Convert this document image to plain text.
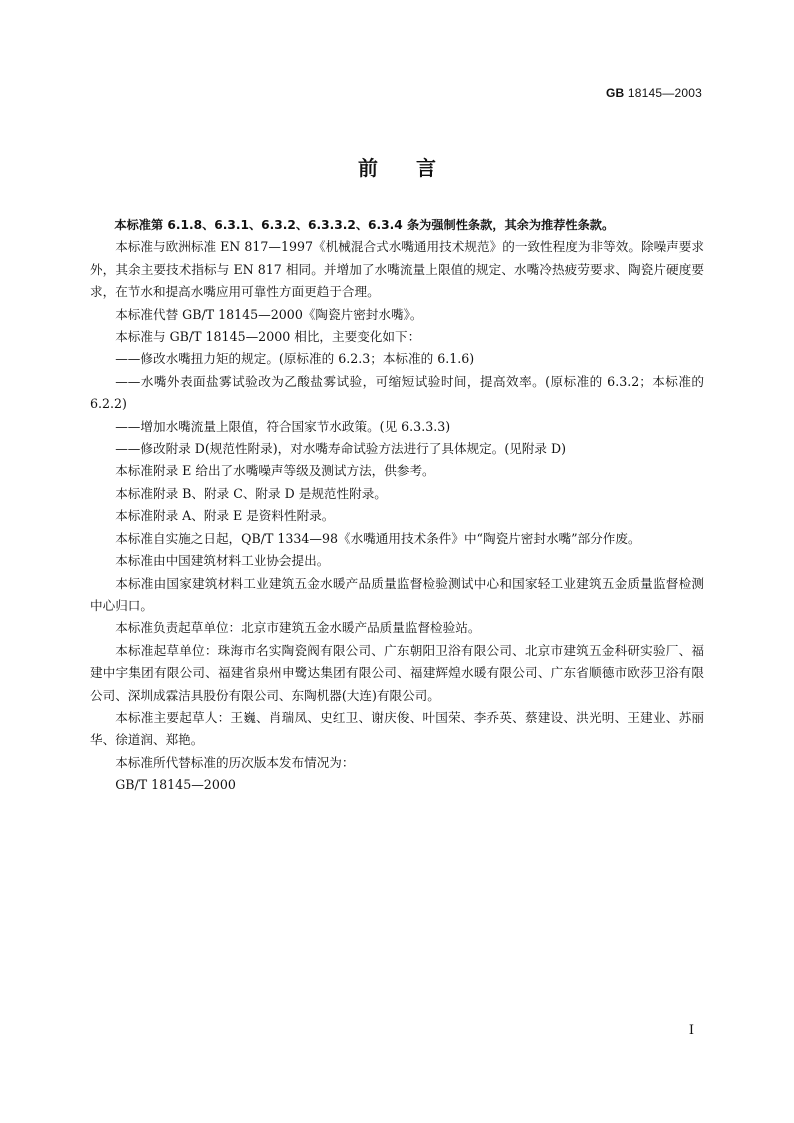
GB 18145—2003
前言

本标准第 6.1.8、6.3.1、6.3.2、6.3.3.2、6.3.4 条为强制性条款，其余为推荐性条款。

本标准与欧洲标准 EN 817—1997《机械混合式水嘴通用技术规范》的一致性程度为非等效。除噪声要求外，其余主要技术指标与 EN 817 相同。并增加了水嘴流量上限值的规定、水嘴冷热疲劳要求、陶瓷片硬度要求，在节水和提高水嘴应用可靠性方面更趋于合理。

本标准代替 GB/T 18145—2000《陶瓷片密封水嘴》。

本标准与 GB/T 18145—2000 相比，主要变化如下：

——修改水嘴扭力矩的规定。(原标准的 6.2.3；本标准的 6.1.6)

——水嘴外表面盐雾试验改为乙酸盐雾试验，可缩短试验时间，提高效率。(原标准的 6.3.2；本标准的 6.2.2)

——增加水嘴流量上限值，符合国家节水政策。(见 6.3.3.3)

——修改附录 D(规范性附录)，对水嘴寿命试验方法进行了具体规定。(见附录 D)

本标准附录 E 给出了水嘴噪声等级及测试方法，供参考。

本标准附录 B、附录 C、附录 D 是规范性附录。

本标准附录 A、附录 E 是资料性附录。

本标准自实施之日起，QB/T 1334—98《水嘴通用技术条件》中“陶瓷片密封水嘴”部分作废。

本标准由中国建筑材料工业协会提出。

本标准由国家建筑材料工业建筑五金水暖产品质量监督检验测试中心和国家轻工业建筑五金质量监督检测中心归口。

本标准负责起草单位：北京市建筑五金水暖产品质量监督检验站。

本标准起草单位：珠海市名实陶瓷阀有限公司、广东朝阳卫浴有限公司、北京市建筑五金科研实验厂、福建中宇集团有限公司、福建省泉州申鹭达集团有限公司、福建辉煌水暖有限公司、广东省顺德市欧莎卫浴有限公司、深圳成霖洁具股份有限公司、东陶机器(大连)有限公司。

本标准主要起草人：王巍、肖瑞凤、史红卫、谢庆俊、叶国荣、李乔英、蔡建设、洪光明、王建业、苏丽华、徐道润、郑艳。

本标准所代替标准的历次版本发布情况为：

GB/T 18145—2000

I
